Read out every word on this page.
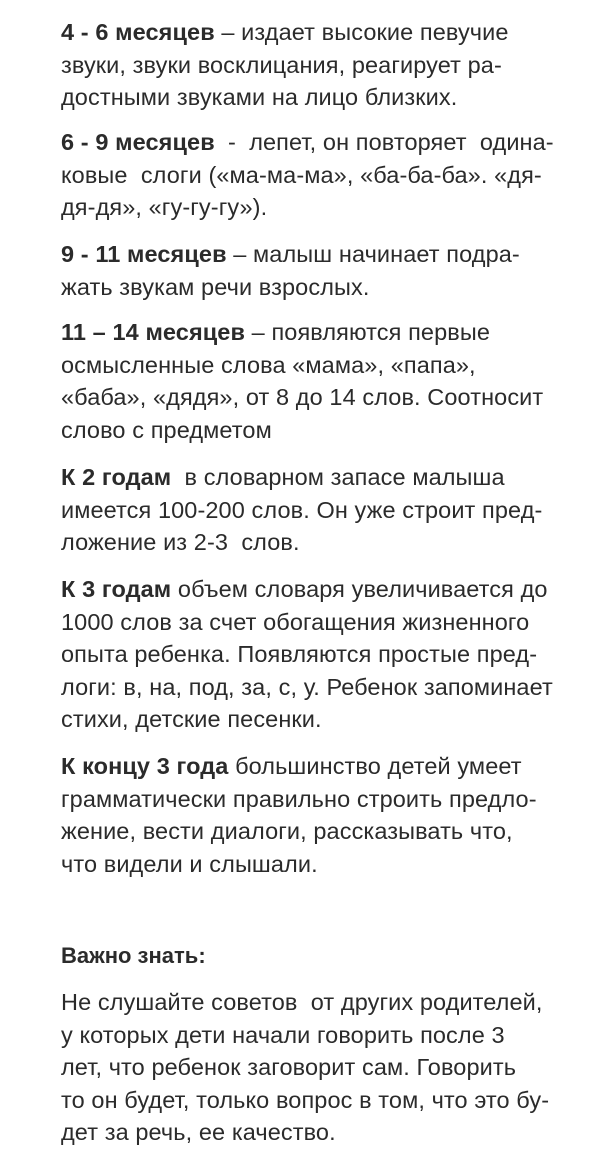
4 - 6 месяцев – издает высокие певучие
звуки, звуки восклицания, реагирует ра-
достными звуками на лицо близких.
6 - 9 месяцев  -  лепет, он повторяет  одина-
ковые  слоги («ма-ма-ма», «ба-ба-ба». «дя-
дя-дя», «гу-гу-гу»).
9 - 11 месяцев – малыш начинает подра-
жать звукам речи взрослых.
11 – 14 месяцев – появляются первые
осмысленные слова «мама», «папа»,
«баба», «дядя», от 8 до 14 слов. Соотносит
слово с предметом
К 2 годам  в словарном запасе малыша
имеется 100-200 слов. Он уже строит пред-
ложение из 2-3  слов.
К 3 годам объем словаря увеличивается до
1000 слов за счет обогащения жизненного
опыта ребенка. Появляются простые пред-
логи: в, на, под, за, с, у. Ребенок запоминает
стихи, детские песенки.
К концу 3 года большинство детей умеет
грамматически правильно строить предло-
жение, вести диалоги, рассказывать что,
что видели и слышали.
Важно знать:
Не слушайте советов  от других родителей,
у которых дети начали говорить после 3
лет, что ребенок заговорит сам. Говорить
то он будет, только вопрос в том, что это бу-
дет за речь, ее качество.
